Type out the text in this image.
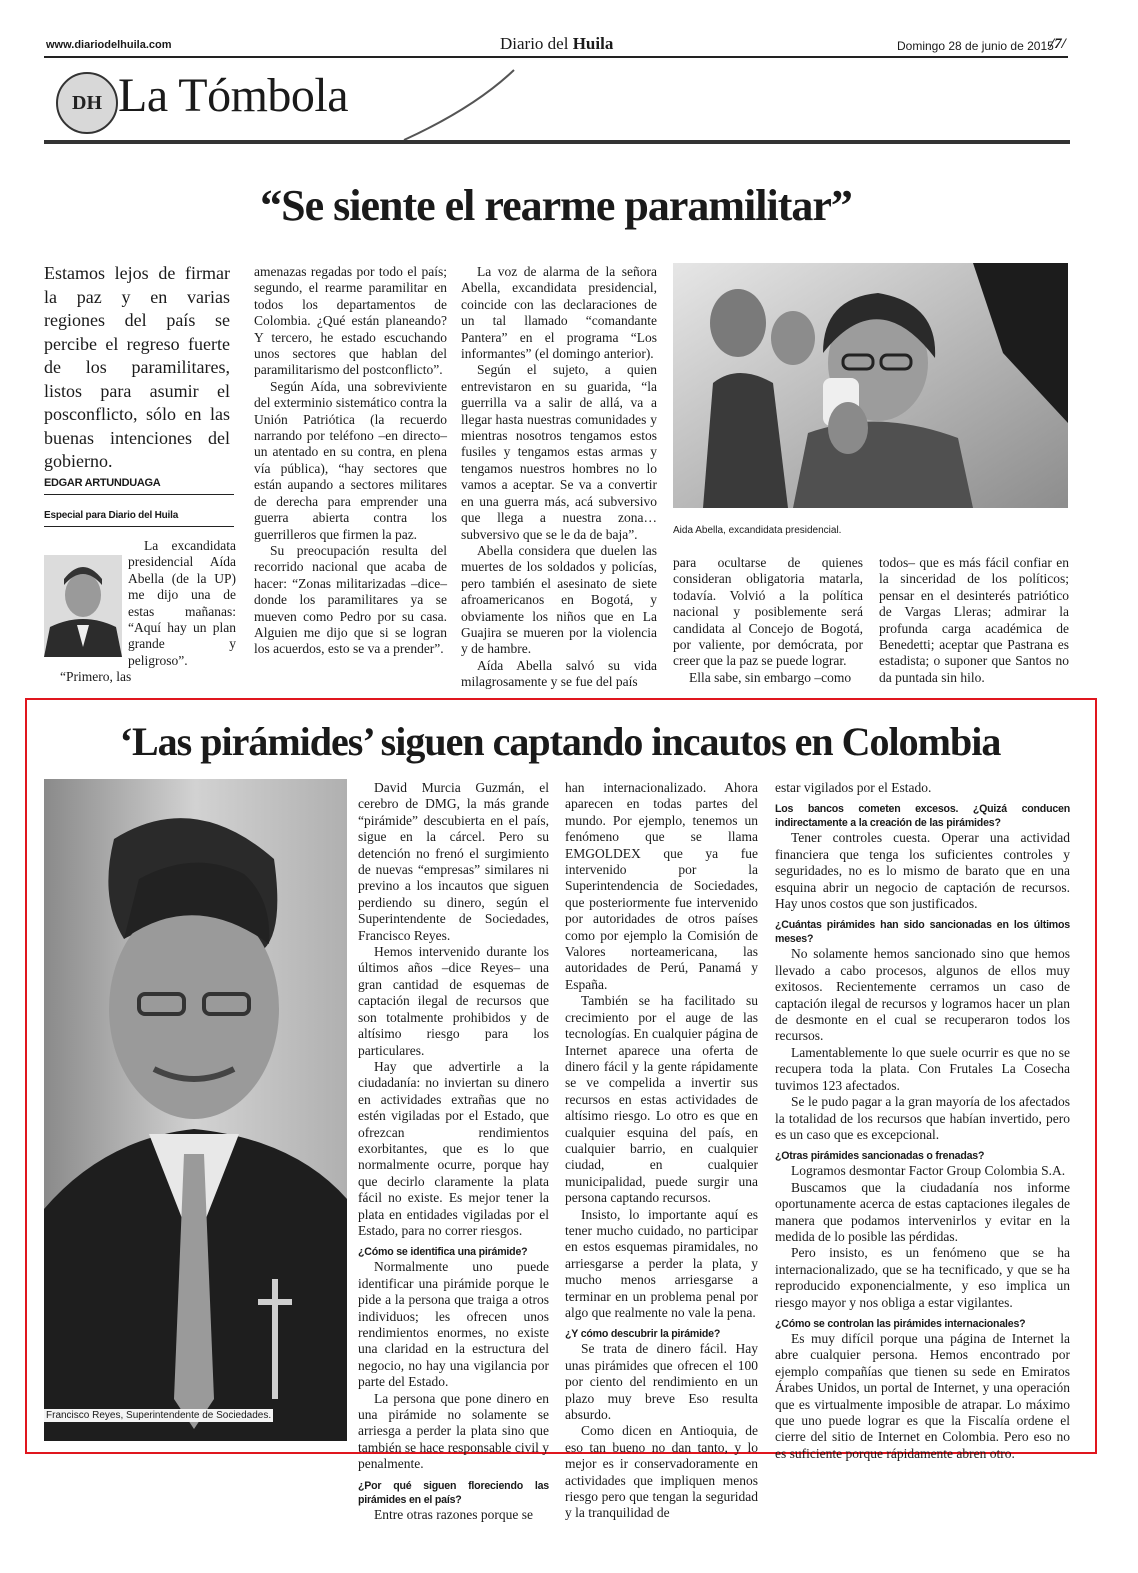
www.diariodelhuila.com	Diario del Huila	Domingo 28 de junio de 2015
/7/
DH La Tómbola
“Se siente el rearme paramilitar”
Estamos lejos de firmar la paz y en varias regiones del país se percibe el regreso fuerte de los paramilitares, listos para asumir el posconflicto, sólo en las buenas intenciones del gobierno.
EDGAR ARTUNDUAGA
Especial para Diario del Huila

La excandidata presidencial Aída Abella (de la UP) me dijo una de estas mañanas: “Aquí hay un plan grande y peligroso”.

“Primero, las

amenazas regadas por todo el país; segundo, el rearme paramilitar en todos los departamentos de Colombia. ¿Qué están planeando? Y tercero, he estado escuchando unos sectores que hablan del paramilitarismo del postconflicto”.

Según Aída, una sobreviviente del exterminio sistemático contra la Unión Patriótica (la recuerdo narrando por teléfono –en directo– un atentado en su contra, en plena vía pública), “hay sectores que están aupando a sectores militares de derecha para emprender una guerra abierta contra los guerrilleros que firmen la paz.

Su preocupación resulta del recorrido nacional que acaba de hacer: “Zonas militarizadas –dice– donde los paramilitares ya se mueven como Pedro por su casa. Alguien me dijo que si se logran los acuerdos, esto se va a prender”.

La voz de alarma de la señora Abella, excandidata presidencial, coincide con las declaraciones de un tal llamado “comandante Pantera” en el programa “Los informantes” (el domingo anterior).

Según el sujeto, a quien entrevistaron en su guarida, “la guerrilla va a salir de allá, va a llegar hasta nuestras comunidades y mientras nosotros tengamos estos fusiles y tengamos estas armas y tengamos nuestros hombres no lo vamos a aceptar. Se va a convertir en una guerra más, acá subversivo que llega a nuestra zona… subversivo que se le da de baja”.

Abella considera que duelen las muertes de los soldados y policías, pero también el asesinato de siete afroamericanos en Bogotá, y obviamente los niños que en La Guajira se mueren por la violencia y de hambre.

Aída Abella salvó su vida milagrosamente y se fue del país

Aida Abella, excandidata presidencial.

para ocultarse de quienes consideran obligatoria matarla, todavía. Volvió a la política nacional y posiblemente será candidata al Concejo de Bogotá, por valiente, por demócrata, por creer que la paz se puede lograr.

Ella sabe, sin embargo –como

todos– que es más fácil confiar en la sinceridad de los políticos; pensar en el desinterés patriótico de Vargas Lleras; admirar la profunda carga académica de Benedetti; aceptar que Pastrana es estadista; o suponer que Santos no da puntada sin hilo.

‘Las pirámides’ siguen captando incautos en Colombia
Francisco Reyes, Superintendente de Sociedades.

David Murcia Guzmán, el cerebro de DMG, la más grande “pirámide” descubierta en el país, sigue en la cárcel. Pero su detención no frenó el surgimiento de nuevas “empresas” similares ni previno a los incautos que siguen perdiendo su dinero, según el Superintendente de Sociedades, Francisco Reyes.

Hemos intervenido durante los últimos años –dice Reyes– una gran cantidad de esquemas de captación ilegal de recursos que son totalmente prohibidos y de altísimo riesgo para los particulares.

Hay que advertirle a la ciudadanía: no inviertan su dinero en actividades extrañas que no estén vigiladas por el Estado, que ofrezcan rendimientos exorbitantes, que es lo que normalmente ocurre, porque hay que decirlo claramente la plata fácil no existe. Es mejor tener la plata en entidades vigiladas por el Estado, para no correr riesgos.

¿Cómo se identifica una pirámide?

Normalmente uno puede identificar una pirámide porque le pide a la persona que traiga a otros individuos; les ofrecen unos rendimientos enormes, no existe una claridad en la estructura del negocio, no hay una vigilancia por parte del Estado.

La persona que pone dinero en una pirámide no solamente se arriesga a perder la plata sino que también se hace responsable civil y penalmente.

¿Por qué siguen floreciendo las pirámides en el país?

Entre otras razones porque se

han internacionalizado. Ahora aparecen en todas partes del mundo. Por ejemplo, tenemos un fenómeno que se llama EMGOLDEX que ya fue intervenido por la Superintendencia de Sociedades, que posteriormente fue intervenido por autoridades de otros países como por ejemplo la Comisión de Valores norteamericana, las autoridades de Perú, Panamá y España.

También se ha facilitado su crecimiento por el auge de las tecnologías. En cualquier página de Internet aparece una oferta de dinero fácil y la gente rápidamente se ve compelida a invertir sus recursos en estas actividades de altísimo riesgo. Lo otro es que en cualquier esquina del país, en cualquier barrio, en cualquier ciudad, en cualquier municipalidad, puede surgir una persona captando recursos.

Insisto, lo importante aquí es tener mucho cuidado, no participar en estos esquemas piramidales, no arriesgarse a perder la plata, y mucho menos arriesgarse a terminar en un problema penal por algo que realmente no vale la pena.

¿Y cómo descubrir la pirámide?

Se trata de dinero fácil. Hay unas pirámides que ofrecen el 100 por ciento del rendimiento en un plazo muy breve Eso resulta absurdo.

Como dicen en Antioquia, de eso tan bueno no dan tanto, y lo mejor es ir conservadoramente en actividades que impliquen menos riesgo pero que tengan la seguridad y la tranquilidad de

estar vigilados por el Estado.

Los bancos cometen excesos. ¿Quizá conducen indirectamente a la creación de las pirámides?

Tener controles cuesta. Operar una actividad financiera que tenga los suficientes controles y seguridades, no es lo mismo de barato que en una esquina abrir un negocio de captación de recursos. Hay unos costos que son justificados.

¿Cuántas pirámides han sido sancionadas en los últimos meses?

No solamente hemos sancionado sino que hemos llevado a cabo procesos, algunos de ellos muy exitosos. Recientemente cerramos un caso de captación ilegal de recursos y logramos hacer un plan de desmonte en el cual se recuperaron todos los recursos.

Lamentablemente lo que suele ocurrir es que no se recupera toda la plata. Con Frutales La Cosecha tuvimos 123 afectados.

Se le pudo pagar a la gran mayoría de los afectados la totalidad de los recursos que habían invertido, pero es un caso que es excepcional.

¿Otras pirámides sancionadas o frenadas?

Logramos desmontar Factor Group Colombia S.A.

Buscamos que la ciudadanía nos informe oportunamente acerca de estas captaciones ilegales de manera que podamos intervenirlos y evitar en la medida de lo posible las pérdidas.

Pero insisto, es un fenómeno que se ha internacionalizado, que se ha tecnificado, y que se ha reproducido exponencialmente, y eso implica un riesgo mayor y nos obliga a estar vigilantes.

¿Cómo se controlan las pirámides internacionales?

Es muy difícil porque una página de Internet la abre cualquier persona. Hemos encontrado por ejemplo compañías que tienen su sede en Emiratos Árabes Unidos, un portal de Internet, y una operación que es virtualmente imposible de atrapar. Lo máximo que uno puede lograr es que la Fiscalía ordene el cierre del sitio de Internet en Colombia. Pero eso no es suficiente porque rápidamente abren otro.
